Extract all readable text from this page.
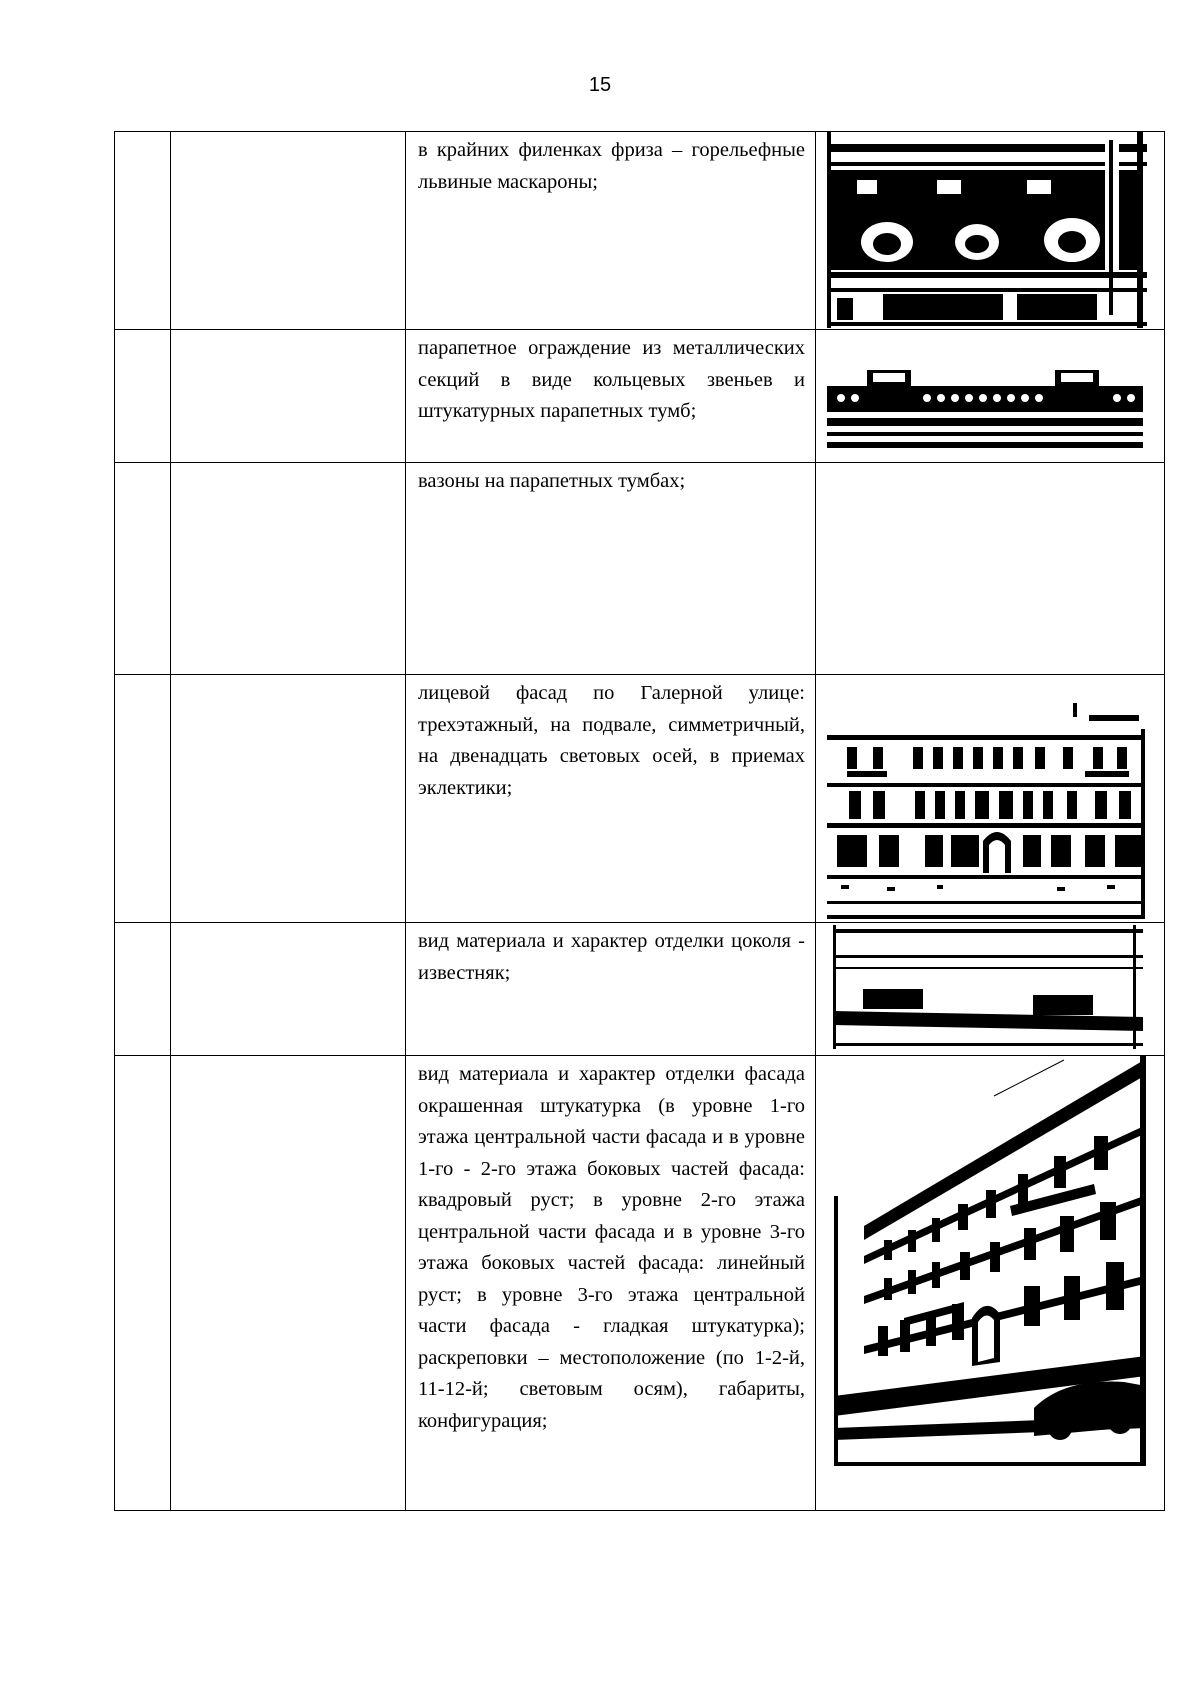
15

		в крайних филенках фриза – горельефные львиные маскароны;

		парапетное ограждение из металлических секций в виде кольцевых звеньев и штукатурных парапетных тумб;

		вазоны на парапетных тумбах;	

		лицевой фасад по Галерной улице: трехэтажный, на подвале, симметричный, на двенадцать световых осей, в приемах эклектики;

		вид материала и характер отделки цоколя - известняк;

		вид материала и характер отделки фасада окрашенная штукатурка (в уровне 1-го этажа центральной части фасада и в уровне 1-го - 2-го этажа боковых частей фасада: квадровый руст; в уровне 2-го этажа центральной части фасада и в уровне 3-го этажа боковых частей фасада: линейный руст; в уровне 3-го этажа центральной части фасада - гладкая штукатурка); раскреповки – местоположение (по 1-2-й, 11-12-й; световым осям), габариты, конфигурация;
